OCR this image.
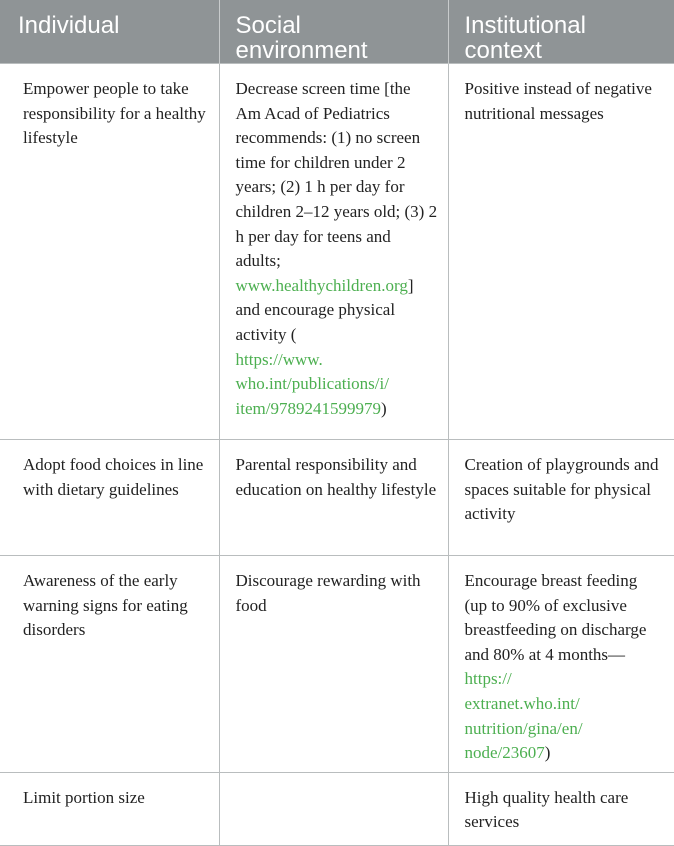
Individual	Social environment	Institutional context
Empower people to take responsibility for a healthy lifestyle	Decrease screen time [the Am Acad of Pediatrics recommends: (1) no screen time for children under 2 years; (2) 1 h per day for children 2–12 years old; (3) 2 h per day for teens and adults; www.healthychildren.org] and encourage physical activity (
https://www.
who.int/publications/i/
item/9789241599979)	Positive instead of negative nutritional messages
Adopt food choices in line with dietary guidelines	Parental responsibility and education on healthy lifestyle	Creation of playgrounds and spaces suitable for physical activity
Awareness of the early warning signs for eating disorders	Discourage rewarding with food	Encourage breast feeding (up to 90% of exclusive breastfeeding on discharge and 80% at 4 months—https://
extranet.who.int/
nutrition/gina/en/
node/23607)

Limit portion size		High quality health care services
